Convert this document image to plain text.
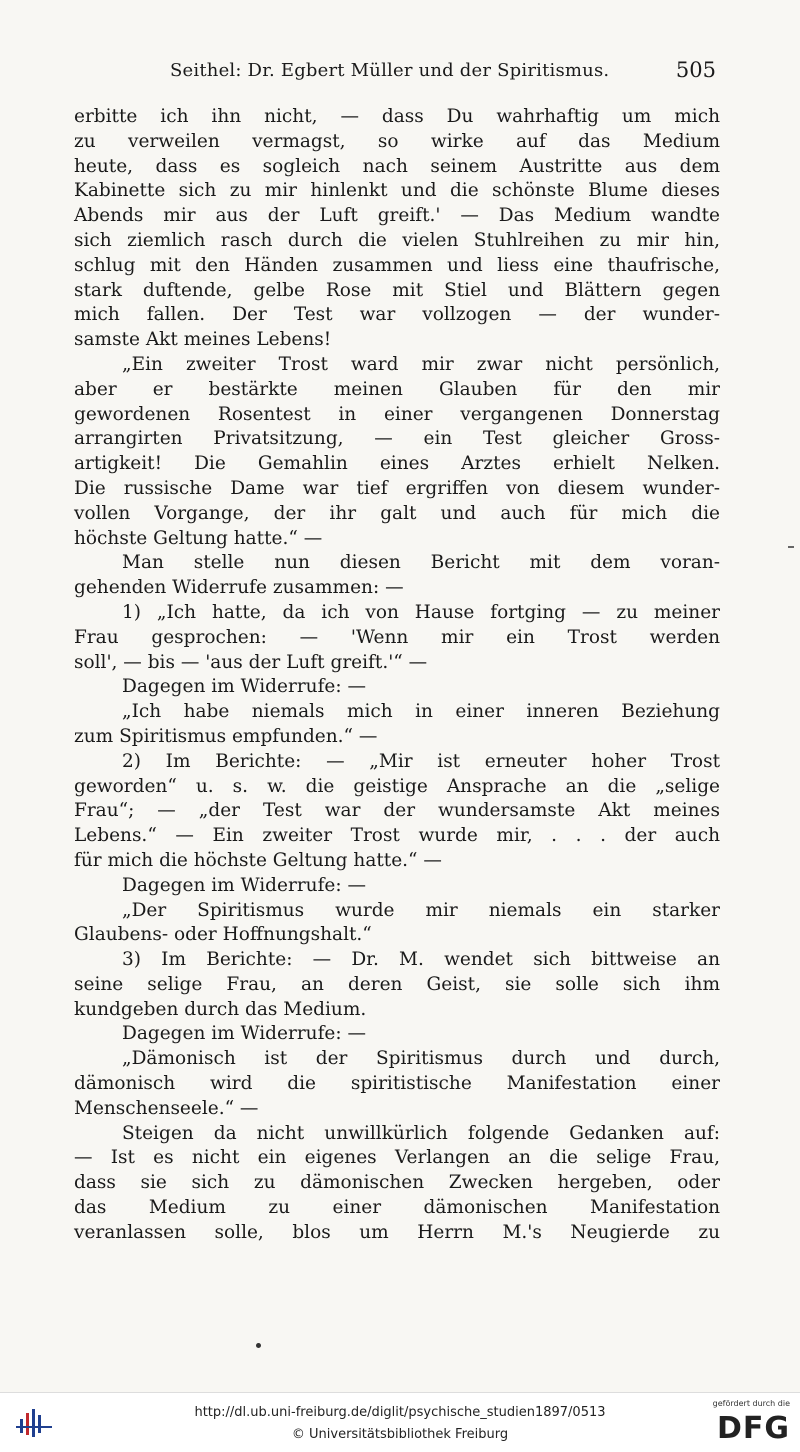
Seithel: Dr. Egbert Müller und der Spiritismus.	505
erbitte ich ihn nicht, — dass Du wahrhaftig um mich
zu verweilen vermagst, so wirke auf das Medium
heute, dass es sogleich nach seinem Austritte aus dem
Kabinette sich zu mir hinlenkt und die schönste Blume dieses
Abends mir aus der Luft greift.' — Das Medium wandte
sich ziemlich rasch durch die vielen Stuhlreihen zu mir hin,
schlug mit den Händen zusammen und liess eine thaufrische,
stark duftende, gelbe Rose mit Stiel und Blättern gegen
mich fallen. Der Test war vollzogen — der wunder-
samste Akt meines Lebens!
„Ein zweiter Trost ward mir zwar nicht persönlich,
aber er bestärkte meinen Glauben für den mir
gewordenen Rosentest in einer vergangenen Donnerstag
arrangirten Privatsitzung, — ein Test gleicher Gross-
artigkeit! Die Gemahlin eines Arztes erhielt Nelken.
Die russische Dame war tief ergriffen von diesem wunder-
vollen Vorgange, der ihr galt und auch für mich die
höchste Geltung hatte.“ —
Man stelle nun diesen Bericht mit dem voran-
gehenden Widerrufe zusammen: —
1) „Ich hatte, da ich von Hause fortging — zu meiner
Frau gesprochen: — 'Wenn mir ein Trost werden
soll', — bis — 'aus der Luft greift.'“ —
Dagegen im Widerrufe: —
„Ich habe niemals mich in einer inneren Beziehung
zum Spiritismus empfunden.“ —
2) Im Berichte: — „Mir ist erneuter hoher Trost
geworden“ u. s. w. die geistige Ansprache an die „selige
Frau“; — „der Test war der wundersamste Akt meines
Lebens.“ — Ein zweiter Trost wurde mir, . . . der auch
für mich die höchste Geltung hatte.“ —
Dagegen im Widerrufe: —
„Der Spiritismus wurde mir niemals ein starker
Glaubens- oder Hoffnungshalt.“
3) Im Berichte: — Dr. M. wendet sich bittweise an
seine selige Frau, an deren Geist, sie solle sich ihm
kundgeben durch das Medium.
Dagegen im Widerrufe: —
„Dämonisch ist der Spiritismus durch und durch,
dämonisch wird die spiritistische Manifestation einer
Menschenseele.“ —
Steigen da nicht unwillkürlich folgende Gedanken auf:
— Ist es nicht ein eigenes Verlangen an die selige Frau,
dass sie sich zu dämonischen Zwecken hergeben, oder
das Medium zu einer dämonischen Manifestation
veranlassen solle, blos um Herrn M.'s Neugierde zu
http://dl.ub.uni-freiburg.de/diglit/psychische_studien1897/0513
© Universitätsbibliothek Freiburg
gefördert durch die
DFG
